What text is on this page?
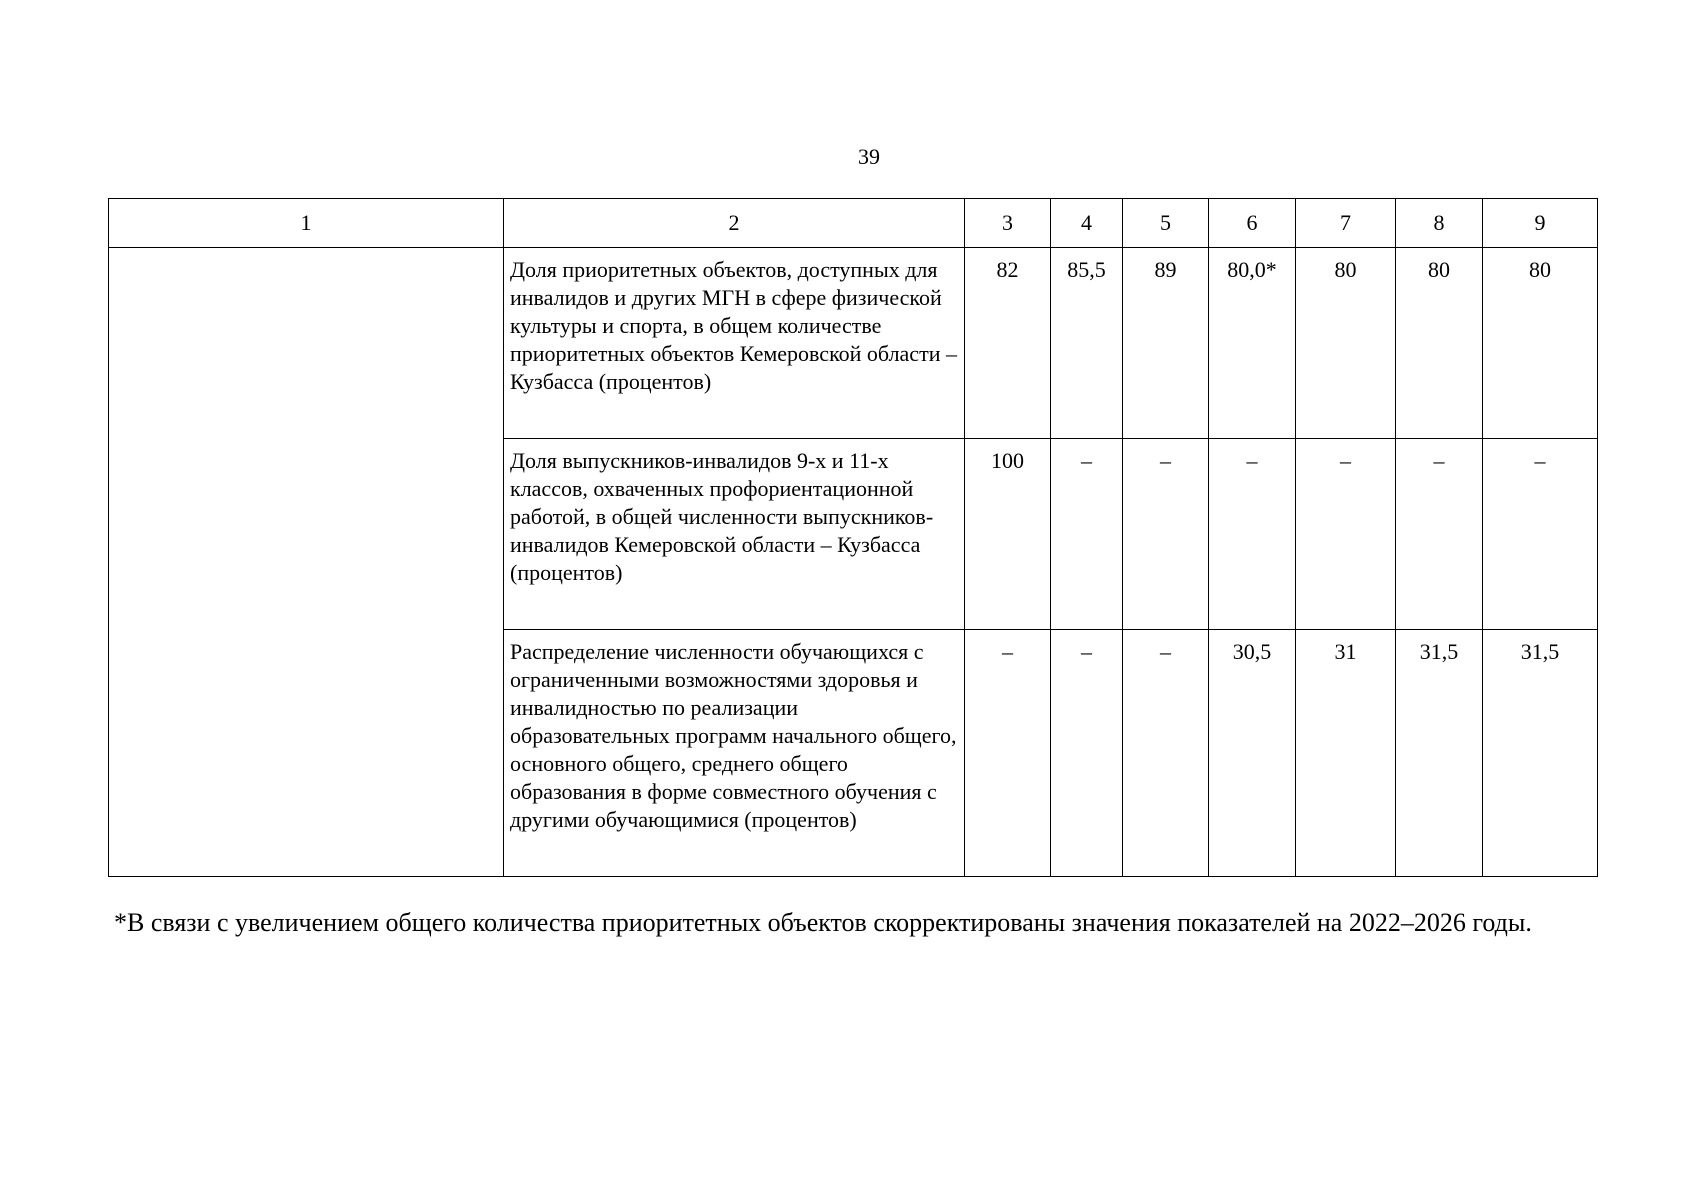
39
1	2	3	4	5	6	7	8	9
	Доля приоритетных объектов, доступных для инвалидов и других МГН в сфере физической культуры и спорта, в общем количестве приоритетных объектов Кемеровской области – Кузбасса (процентов)	82	85,5	89	80,0*	80	80	80
	Доля выпускников-инвалидов 9-х и 11-х классов, охваченных профориентационной работой, в общей численности выпускников-инвалидов Кемеровской области – Кузбасса (процентов)	100	–	–	–	–	–	–
	Распределение численности обучающихся с ограниченными возможностями здоровья и инвалидностью по реализации образовательных программ начального общего, основного общего, среднего общего образования в форме совместного обучения с другими обучающимися (процентов)	–	–	–	30,5	31	31,5	31,5
*В связи с увеличением общего количества приоритетных объектов скорректированы значения показателей на 2022–2026 годы.
